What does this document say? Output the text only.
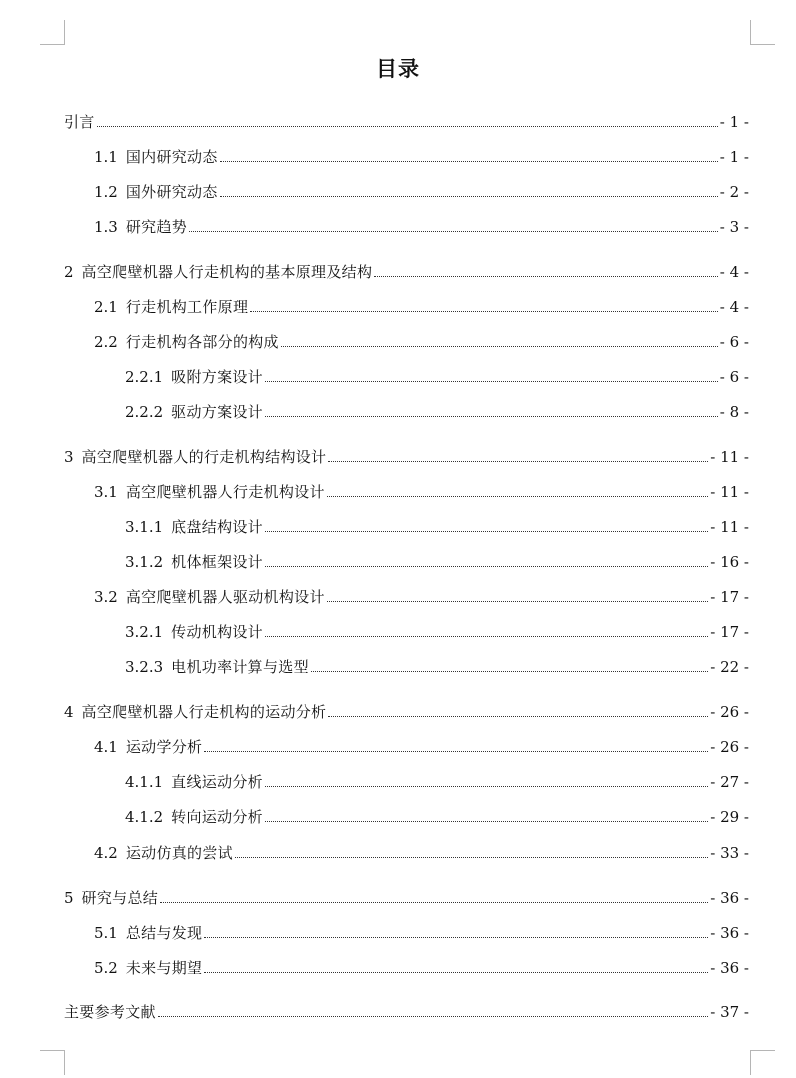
目录
引言	- 1 -
1.1 国内研究动态	- 1 -
1.2 国外研究动态	- 2 -
1.3 研究趋势	- 3 -
2 高空爬壁机器人行走机构的基本原理及结构	- 4 -
2.1 行走机构工作原理	- 4 -
2.2 行走机构各部分的构成	- 6 -
2.2.1 吸附方案设计	- 6 -
2.2.2 驱动方案设计	- 8 -
3 高空爬壁机器人的行走机构结构设计	- 11 -
3.1 高空爬壁机器人行走机构设计	- 11 -
3.1.1 底盘结构设计	- 11 -
3.1.2 机体框架设计	- 16 -
3.2 高空爬壁机器人驱动机构设计	- 17 -
3.2.1 传动机构设计	- 17 -
3.2.3 电机功率计算与选型	- 22 -
4 高空爬壁机器人行走机构的运动分析	- 26 -
4.1 运动学分析	- 26 -
4.1.1 直线运动分析	- 27 -
4.1.2 转向运动分析	- 29 -
4.2 运动仿真的尝试	- 33 -
5 研究与总结	- 36 -
5.1 总结与发现	- 36 -
5.2 未来与期望	- 36 -
主要参考文献	- 37 -
